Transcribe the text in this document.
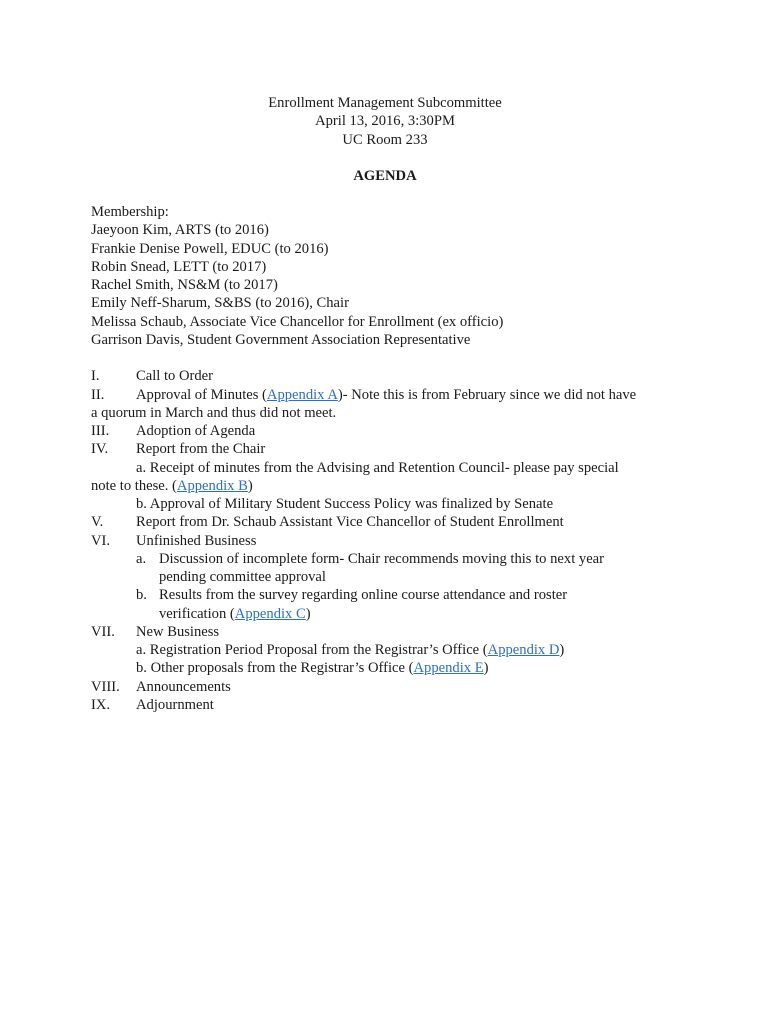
Enrollment Management Subcommittee
April 13, 2016, 3:30PM
UC Room 233
AGENDA
Membership:
Jaeyoon Kim, ARTS (to 2016)
Frankie Denise Powell, EDUC (to 2016)
Robin Snead, LETT (to 2017)
Rachel Smith, NS&M (to 2017)
Emily Neff-Sharum, S&BS (to 2016), Chair
Melissa Schaub, Associate Vice Chancellor for Enrollment (ex officio)
Garrison Davis, Student Government Association Representative
I. Call to Order
II. Approval of Minutes (Appendix A)- Note this is from February since we did not have
a quorum in March and thus did not meet.
III. Adoption of Agenda
IV. Report from the Chair
a. Receipt of minutes from the Advising and Retention Council- please pay special
note to these. (Appendix B)
b. Approval of Military Student Success Policy was finalized by Senate
V. Report from Dr. Schaub Assistant Vice Chancellor of Student Enrollment
VI. Unfinished Business
a. Discussion of incomplete form- Chair recommends moving this to next year
pending committee approval
b. Results from the survey regarding online course attendance and roster
verification (Appendix C)
VII. New Business
a. Registration Period Proposal from the Registrar’s Office (Appendix D)
b. Other proposals from the Registrar’s Office (Appendix E)
VIII. Announcements
IX. Adjournment
